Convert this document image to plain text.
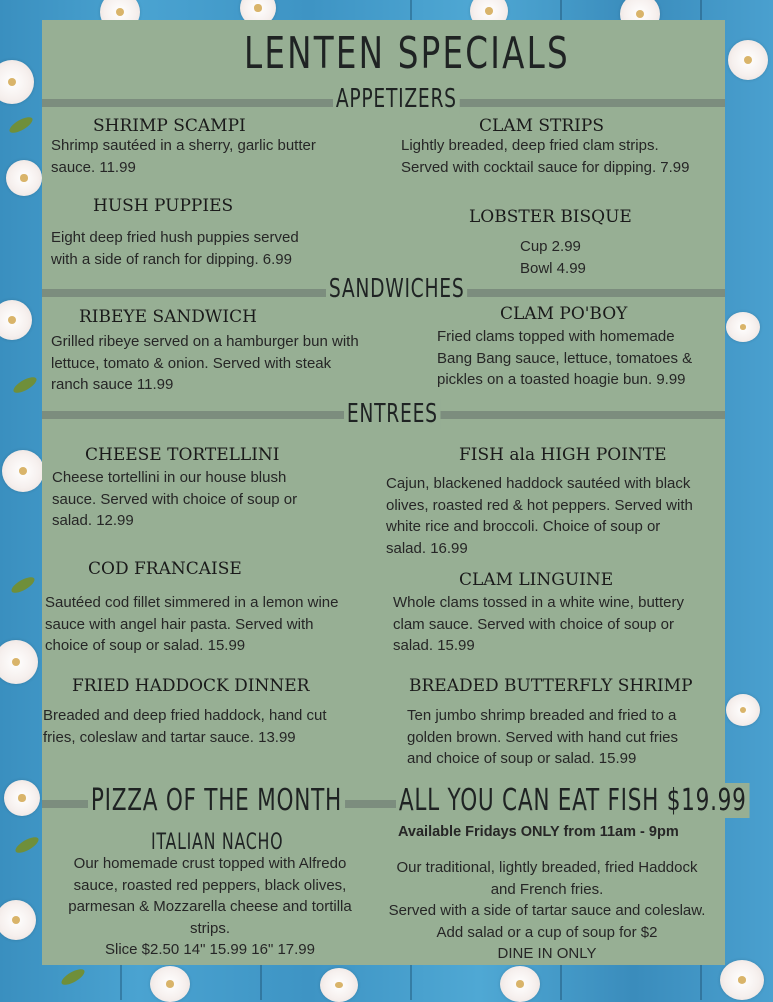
LENTEN SPECIALS
APPETIZERS
SANDWICHES
ENTREES
PIZZA OF THE MONTH ALL YOU CAN EAT FISH $19.99
SHRIMP SCAMPI
Shrimp sautéed in a sherry, garlic butter
sauce. 11.99
CLAM STRIPS
Lightly breaded, deep fried clam strips.
Served with cocktail sauce for dipping. 7.99
HUSH PUPPIES
Eight deep fried hush puppies served
with a side of ranch for dipping. 6.99
LOBSTER BISQUE
Cup 2.99
Bowl 4.99
RIBEYE SANDWICH
Grilled ribeye served on a hamburger bun with
lettuce, tomato & onion. Served with steak
ranch sauce 11.99
CLAM PO'BOY
Fried clams topped with homemade
Bang Bang sauce, lettuce, tomatoes &
pickles on a toasted hoagie bun. 9.99
CHEESE TORTELLINI
Cheese tortellini in our house blush
sauce. Served with choice of soup or
salad. 12.99
FISH ala HIGH POINTE
Cajun, blackened haddock sautéed with black
olives, roasted red & hot peppers. Served with
white rice and broccoli. Choice of soup or
salad. 16.99
COD FRANCAISE
Sautéed cod fillet simmered in a lemon wine
sauce with angel hair pasta. Served with
choice of soup or salad. 15.99
CLAM LINGUINE
Whole clams tossed in a white wine, buttery
clam sauce. Served with choice of soup or
salad. 15.99
FRIED HADDOCK DINNER
Breaded and deep fried haddock, hand cut
fries, coleslaw and tartar sauce. 13.99
BREADED BUTTERFLY SHRIMP
Ten jumbo shrimp breaded and fried to a
golden brown. Served with hand cut fries
and choice of soup or salad. 15.99
ITALIAN NACHO
Our homemade crust topped with Alfredo
sauce, roasted red peppers, black olives,
parmesan & Mozzarella cheese and tortilla
strips.
Slice $2.50 14" 15.99 16" 17.99
Available Fridays ONLY from 11am - 9pm
Our traditional, lightly breaded, fried Haddock
and French fries.
Served with a side of tartar sauce and coleslaw.
Add salad or a cup of soup for $2
DINE IN ONLY
